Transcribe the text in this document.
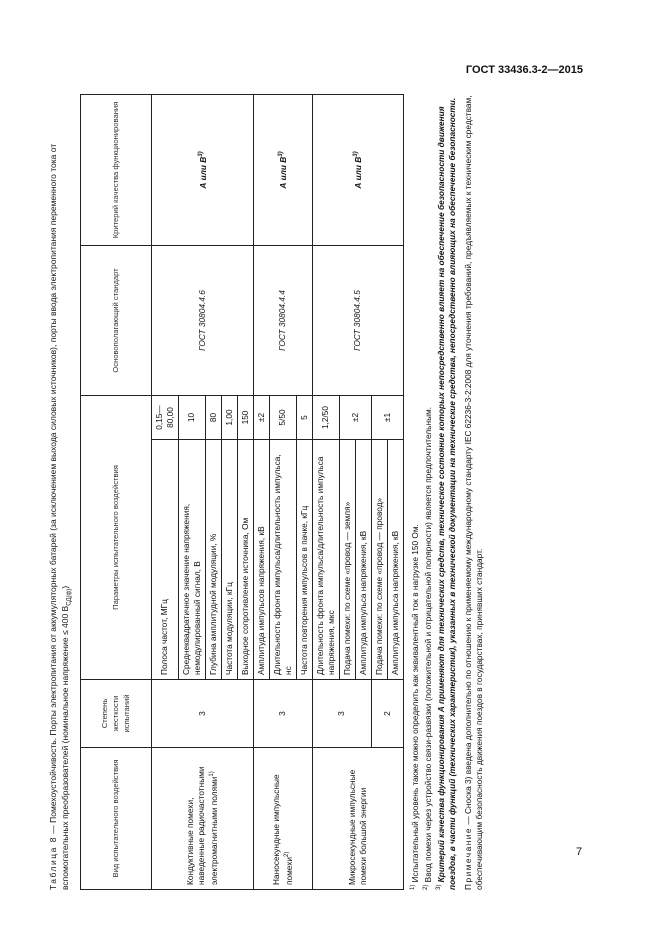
ГОСТ 33436.3-2—2015

Таблица 8 — Помехоустойчивость. Порты электропитания от аккумуляторных батарей (за исключением выхода силовых источников), порты ввода электропитания переменного тока от вспомогательных преобразователей (номинальное напряжение ≤ 400 $В_{СД(ф)}$)

Вид испытательного воздействия	Степень жесткости испытаний	Параметры испытательного воздействия		Основополагающий стандарт	Критерий качества функционирования
Кондуктивные помехи, наведенные радиочастотными электромагнитными полями$^{1)}$	3	Полоса частот, МГц	0,15—80,00	ГОСТ 30804.4.6	А или $В^{3)}$
		Среднеквадратичное значение напряжения, немодулированный сигнал, В	10		
		Глубина амплитудной модуляции, %	80		
		Частота модуляции, кГц	1,00		
		Выходное сопротивление источника, Ом	150		
Наносекундные импульсные помехи$^{2)}$	3	Амплитуда импульсов напряжения, кВ	±2	ГОСТ 30804.4.4	А или $В^{3)}$
		Длительность фронта импульса/длительность импульса, нс	5/50		
		Частота повторения импульсов в пачке, кГц	5		
Микросекундные импульсные помехи большой энергии	3	Длительность фронта импульса/длительность импульса напряжения, мкс	1,2/50	ГОСТ 30804.4.5	А или $В^{3)}$
		Подача помехи: по схеме «провод — земля»	±2		
		Амплитуда импульса напряжения, кВ			
	2	Подача помехи: по схеме «провод — провод»	±1		
		Амплитуда импульса напряжения, кВ			

$^{1)}$ Испытательный уровень также можно определить как эквивалентный ток в нагрузке 150 Ом.

$^{2)}$ Ввод помехи через устройство связи-развязки (положительной и отрицательной полярности) является предпочтительным.

$^{3)}$ Критерий качества функционирования А применяют для технических средств, техническое состояние которых непосредственно влияет на обеспечение безопасности движения поездов, в части функций (технических характеристик), указанных в технической документации на технические средства, непосредственно влияющих на обеспечение безопасности. Примечание — Сноска 3) введена дополнительно по отношению к применяемому международному стандарту IEC 62236-3-2:2008 для уточнения требований, предъявляемых к техническим средствам, обеспечивающим безопасность движения поездов в государствах, принявших стандарт.	7
